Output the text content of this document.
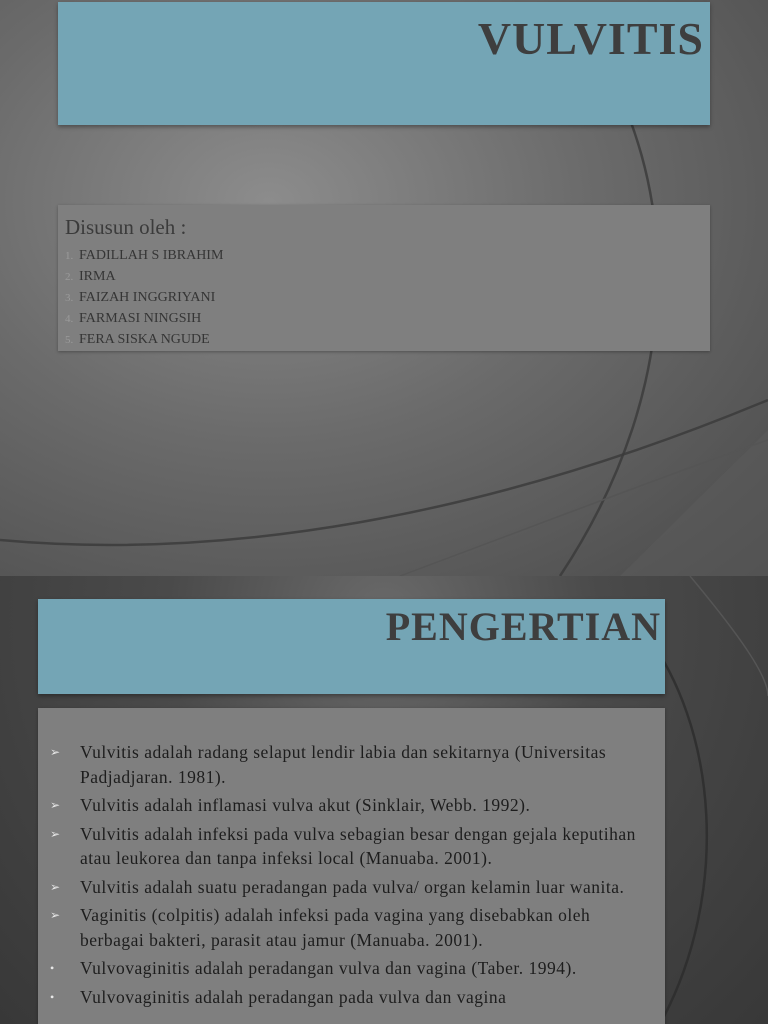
VULVITIS
Disusun oleh :
1. FADILLAH S IBRAHIM
2. IRMA
3. FAIZAH INGGRIYANI
4. FARMASI NINGSIH
5. FERA SISKA NGUDE
PENGERTIAN
➢ Vulvitis adalah radang selaput lendir labia dan sekitarnya (Universitas Padjadjaran. 1981).
➢ Vulvitis adalah inflamasi vulva akut (Sinklair, Webb. 1992).
➢ Vulvitis adalah infeksi pada vulva sebagian besar dengan gejala keputihan atau leukorea dan tanpa infeksi local (Manuaba. 2001).
➢ Vulvitis adalah suatu peradangan pada vulva/ organ kelamin luar wanita.
➢ Vaginitis (colpitis) adalah infeksi pada vagina yang disebabkan oleh berbagai bakteri, parasit atau jamur (Manuaba. 2001).
• Vulvovaginitis adalah peradangan vulva dan vagina (Taber. 1994).
• Vulvovaginitis adalah peradangan pada vulva dan vagina
